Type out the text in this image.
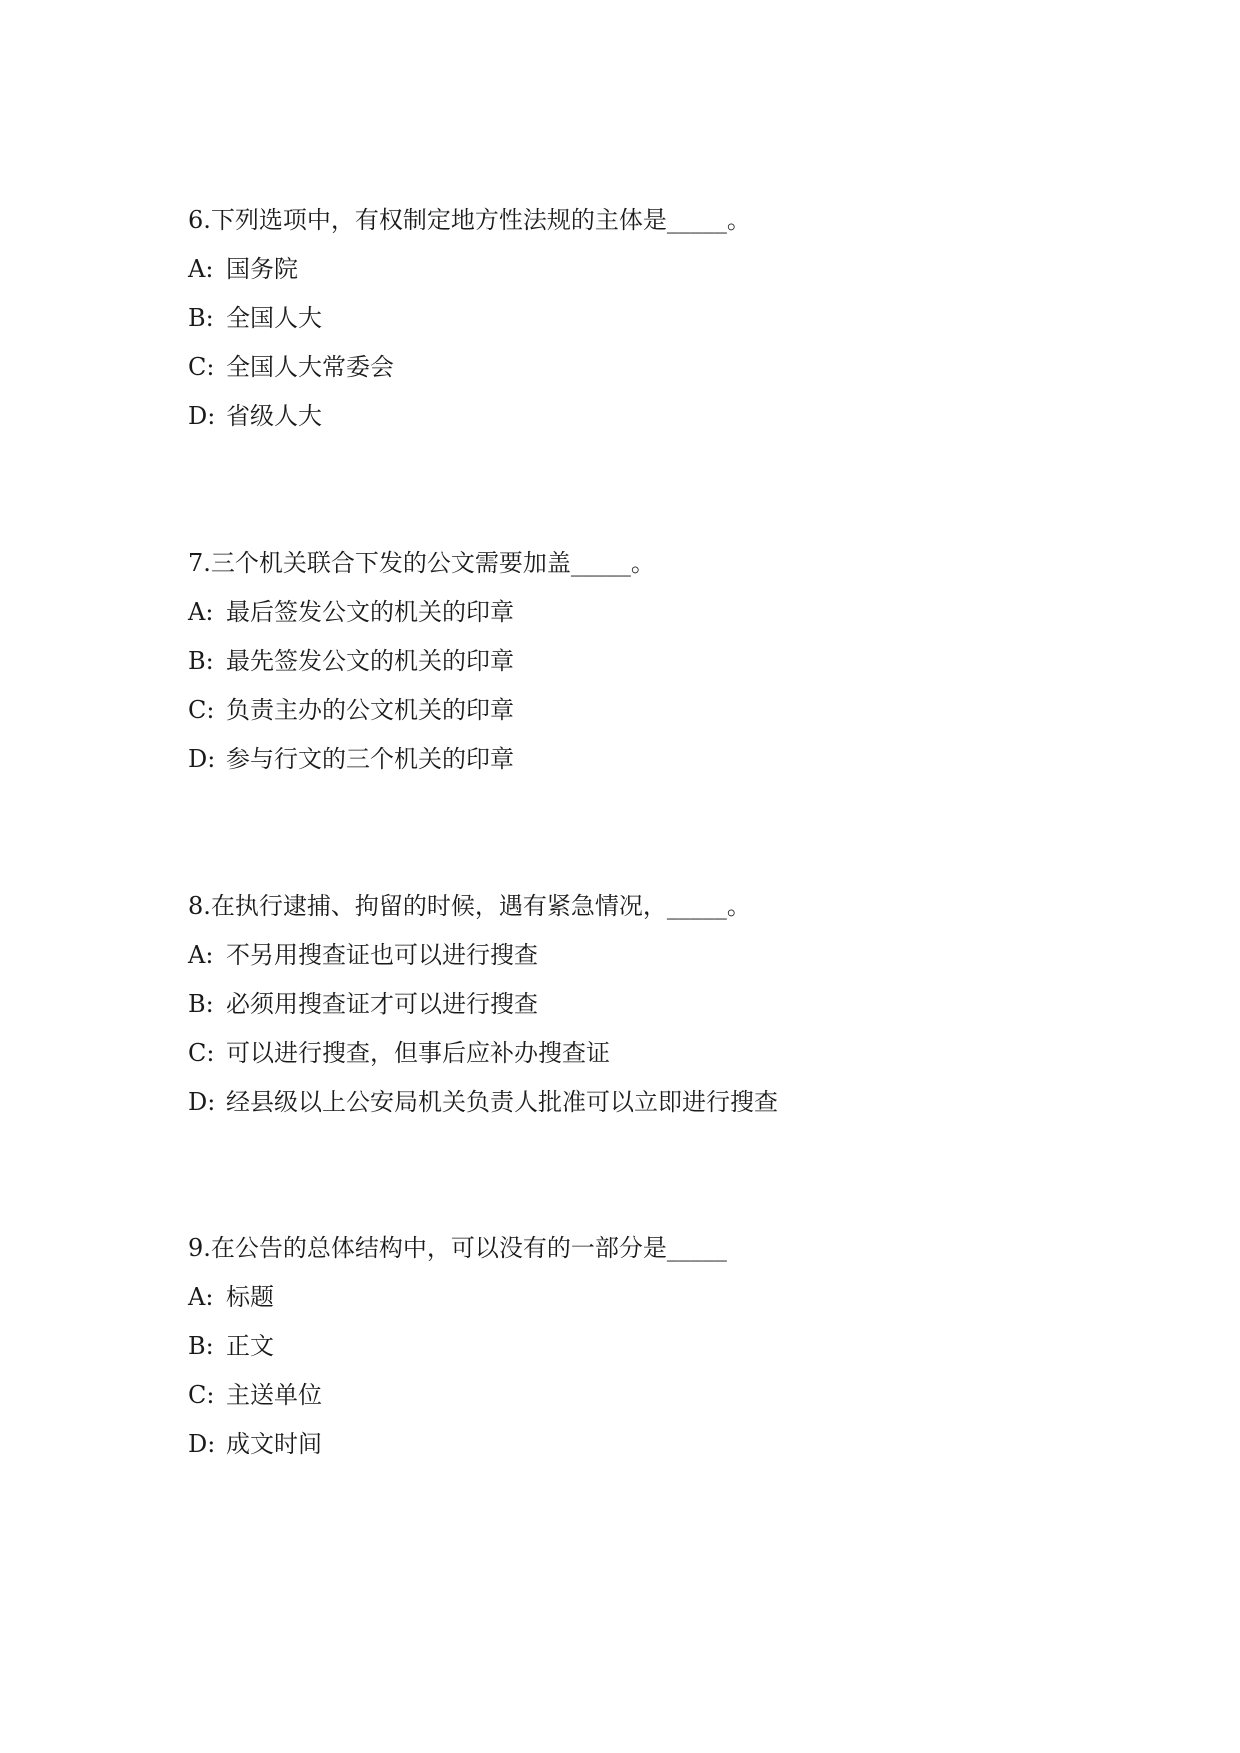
6.下列选项中，有权制定地方性法规的主体是_____。
A: 国务院
B: 全国人大
C: 全国人大常委会
D: 省级人大
7.三个机关联合下发的公文需要加盖_____。
A: 最后签发公文的机关的印章
B: 最先签发公文的机关的印章
C: 负责主办的公文机关的印章
D: 参与行文的三个机关的印章
8.在执行逮捕、拘留的时候，遇有紧急情况，_____。
A: 不另用搜查证也可以进行搜查
B: 必须用搜查证才可以进行搜查
C: 可以进行搜查，但事后应补办搜查证
D: 经县级以上公安局机关负责人批准可以立即进行搜查
9.在公告的总体结构中，可以没有的一部分是_____
A: 标题
B: 正文
C: 主送单位
D: 成文时间
